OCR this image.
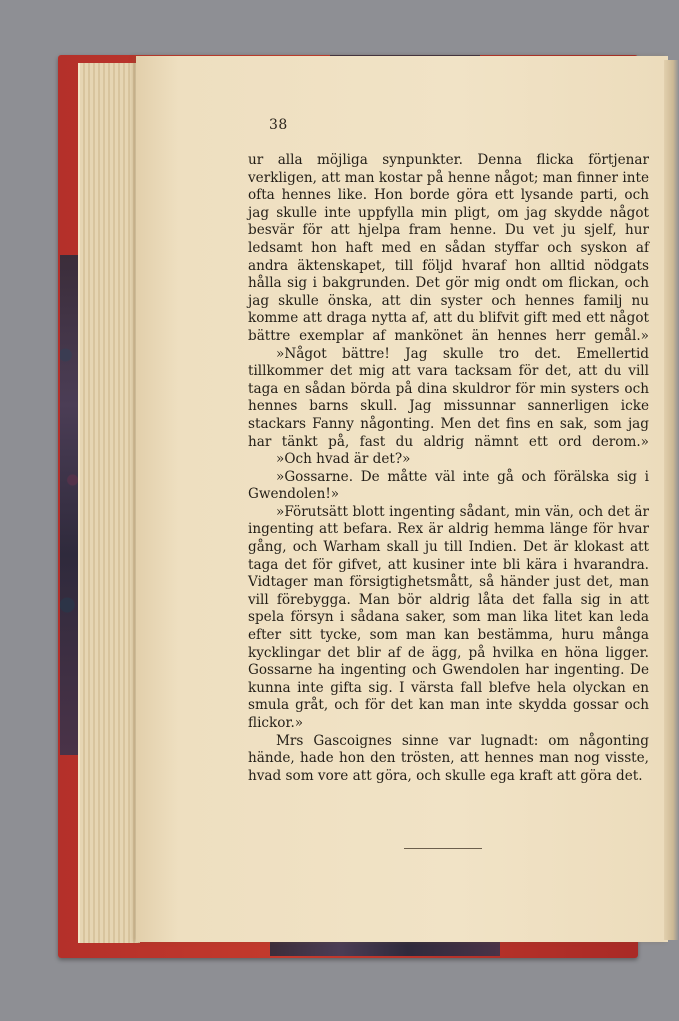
38

ur alla möjliga synpunkter. Denna flicka förtjenar verkligen, att man kostar på henne något; man finner inte ofta hennes like. Hon borde göra ett lysande parti, och jag skulle inte uppfylla min pligt, om jag skydde något besvär för att hjelpa fram henne. Du vet ju sjelf, hur ledsamt hon haft med en sådan styffar och syskon af andra äktenskapet, till följd hvaraf hon alltid nödgats hålla sig i bakgrunden. Det gör mig ondt om flickan, och jag skulle önska, att din syster och hennes familj nu komme att draga nytta af, att du blifvit gift med ett något bättre exemplar af mankönet än hennes herr gemål.»

»Något bättre! Jag skulle tro det. Emellertid tillkommer det mig att vara tacksam för det, att du vill taga en sådan börda på dina skuldror för min systers och hennes barns skull. Jag missunnar sannerligen icke stackars Fanny någonting. Men det fins en sak, som jag har tänkt på, fast du aldrig nämnt ett ord derom.»

»Och hvad är det?»

»Gossarne. De måtte väl inte gå och förälska sig i Gwendolen!»

»Förutsätt blott ingenting sådant, min vän, och det är ingenting att befara. Rex är aldrig hemma länge för hvar gång, och Warham skall ju till Indien. Det är klokast att taga det för gifvet, att kusiner inte bli kära i hvarandra. Vidtager man försigtighetsmått, så händer just det, man vill förebygga. Man bör aldrig låta det falla sig in att spela försyn i sådana saker, som man lika litet kan leda efter sitt tycke, som man kan bestämma, huru många kycklingar det blir af de ägg, på hvilka en höna ligger. Gossarne ha ingenting och Gwendolen har ingenting. De kunna inte gifta sig. I värsta fall blefve hela olyckan en smula gråt, och för det kan man inte skydda gossar och flickor.»

Mrs Gascoignes sinne var lugnadt: om någonting hände, hade hon den trösten, att hennes man nog visste, hvad som vore att göra, och skulle ega kraft att göra det.
